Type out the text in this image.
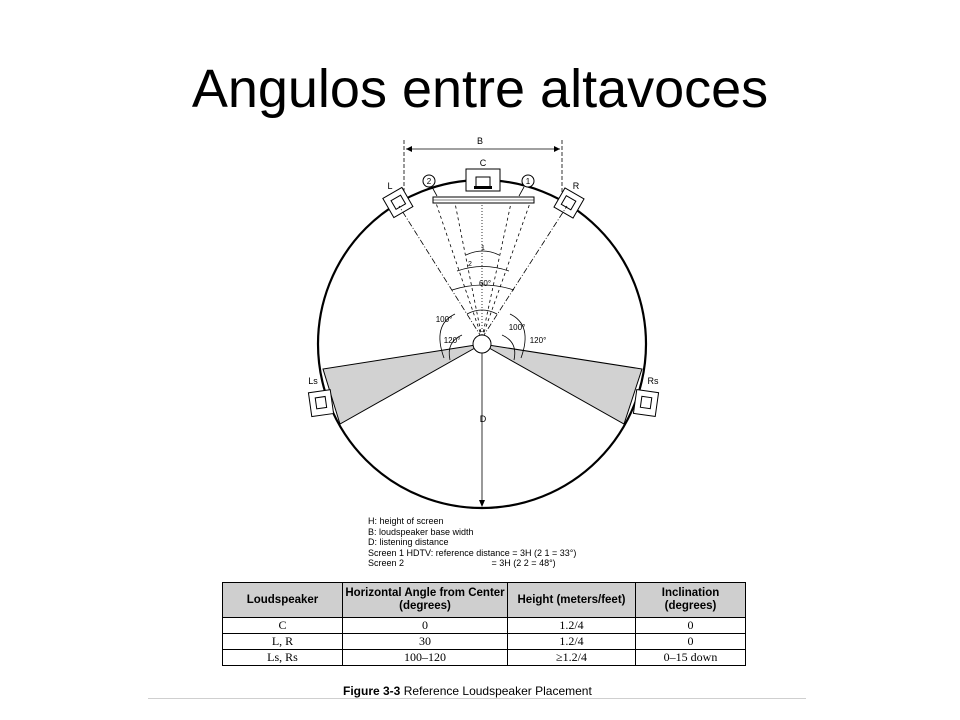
Angulos entre altavoces
B
C
L	R
2	1
1
2
60°
100°
120°
100°
120°
D
Ls	Rs
H: height of screen
B: loudspeaker base width
D: listening distance
Screen 1 HDTV: reference distance = 3H (2 1 = 33°)
Screen 2                                   = 3H (2 2 = 48°)
Loudspeaker	Horizontal Angle from Center (degrees)	Height (meters/feet)	Inclination (degrees)
C	0	1.2/4	0
L, R	30	1.2/4	0
Ls, Rs	100–120	≥1.2/4	0–15 down
Figure 3-3 Reference Loudspeaker Placement
